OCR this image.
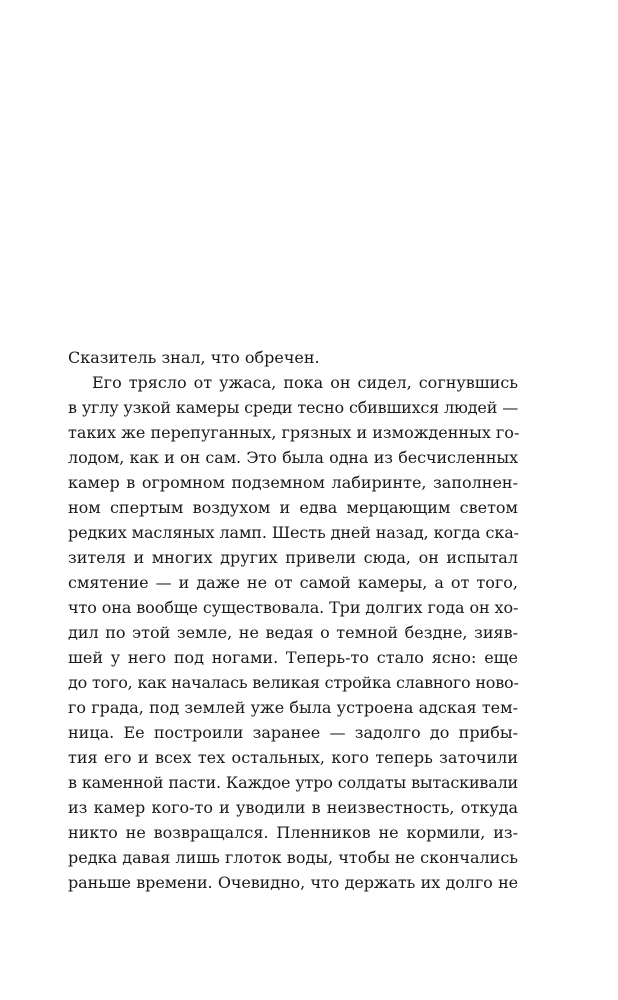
Сказитель знал, что обречен.
Его трясло от ужаса, пока он сидел, согнувшись
в углу узкой камеры среди тесно сбившихся людей —
таких же перепуганных, грязных и изможденных го-
лодом, как и он сам. Это была одна из бесчисленных
камер в огромном подземном лабиринте, заполнен-
ном спертым воздухом и едва мерцающим светом
редких масляных ламп. Шесть дней назад, когда ска-
зителя и многих других привели сюда, он испытал
смятение — и даже не от самой камеры, а от того,
что она вообще существовала. Три долгих года он хо-
дил по этой земле, не ведая о темной бездне, зияв-
шей у него под ногами. Теперь-то стало ясно: еще
до того, как началась великая стройка славного ново-
го града, под землей уже была устроена адская тем-
ница. Ее построили заранее — задолго до прибы-
тия его и всех тех остальных, кого теперь заточили
в каменной пасти. Каждое утро солдаты вытаскивали
из камер кого-то и уводили в неизвестность, откуда
никто не возвращался. Пленников не кормили, из-
редка давая лишь глоток воды, чтобы не скончались
раньше времени. Очевидно, что держать их долго не
